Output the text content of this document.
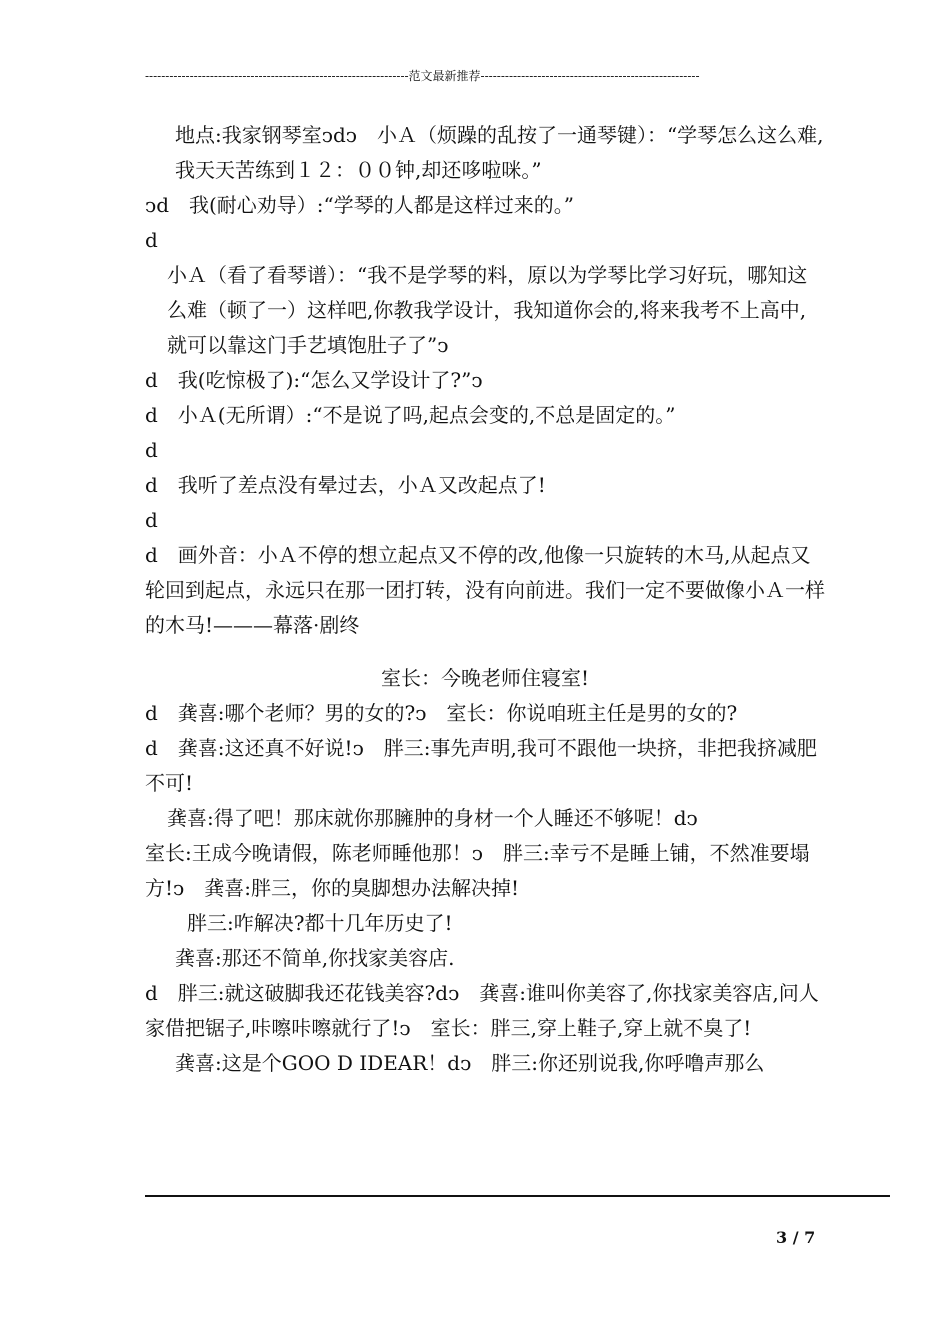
-----------------------------------------------------------------范文最新推荐------------------------------------------------------

地点:我家钢琴室ↄdↄ　小Ａ（烦躁的乱按了一通琴键）：“学琴怎么这么难,我天天苦练到１２：００钟,却还哆啦咪。”

ↄd　我(耐心劝导）:“学琴的人都是这样过来的。”

d

小Ａ（看了看琴谱）：“我不是学琴的料，原以为学琴比学习好玩，哪知这么难（顿了一）这样吧,你教我学设计，我知道你会的,将来我考不上高中,就可以靠这门手艺填饱肚子了”ↄ

d　我(吃惊极了):“怎么又学设计了?”ↄ

d　小Ａ(无所谓）:“不是说了吗,起点会变的,不总是固定的。”

d

d　我听了差点没有晕过去，小Ａ又改起点了!

d

d　画外音：小Ａ不停的想立起点又不停的改,他像一只旋转的木马,从起点又轮回到起点，永远只在那一团打转，没有向前进。我们一定不要做像小Ａ一样的木马!———幕落·剧终

室长：今晚老师住寝室!

d　龚喜:哪个老师？男的女的?ↄ　室长：你说咱班主任是男的女的?

d　龚喜:这还真不好说!ↄ　胖三:事先声明,我可不跟他一块挤，非把我挤减肥不可!

龚喜:得了吧！那床就你那臃肿的身材一个人睡还不够呢！dↄ

室长:王成今晚请假，陈老师睡他那！ↄ　胖三:幸亏不是睡上铺，不然准要塌方!ↄ　龚喜:胖三，你的臭脚想办法解决掉!

胖三:咋解决?都十几年历史了!

龚喜:那还不简单,你找家美容店.

d　胖三:就这破脚我还花钱美容?dↄ　龚喜:谁叫你美容了,你找家美容店,问人家借把锯子,咔嚓咔嚓就行了!ↄ　室长：胖三,穿上鞋子,穿上就不臭了!

龚喜:这是个GOO D IDEAR！dↄ　胖三:你还别说我,你呼噜声那么

3 / 7
